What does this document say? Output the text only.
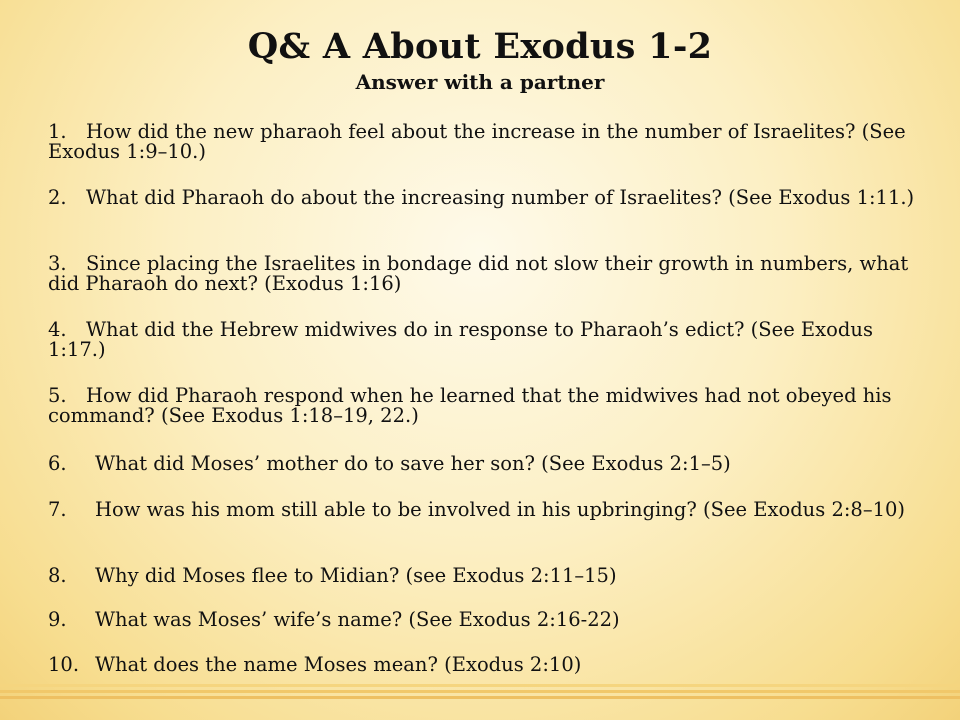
Q& A About Exodus 1-2
Answer with a partner
1. How did the new pharaoh feel about the increase in the number of Israelites? (See Exodus 1:9–10.)
2. What did Pharaoh do about the increasing number of Israelites? (See Exodus 1:11.)
3. Since placing the Israelites in bondage did not slow their growth in numbers, what did Pharaoh do next? (Exodus 1:16)
4. What did the Hebrew midwives do in response to Pharaoh’s edict? (See Exodus 1:17.)
5. How did Pharaoh respond when he learned that the midwives had not obeyed his command? (See Exodus 1:18–19, 22.)
6. What did Moses’ mother do to save her son? (See Exodus 2:1–5)
7. How was his mom still able to be involved in his upbringing? (See Exodus 2:8–10)
8. Why did Moses flee to Midian? (see Exodus 2:11–15)
9. What was Moses’ wife’s name? (See Exodus 2:16-22)
10. What does the name Moses mean? (Exodus 2:10)
